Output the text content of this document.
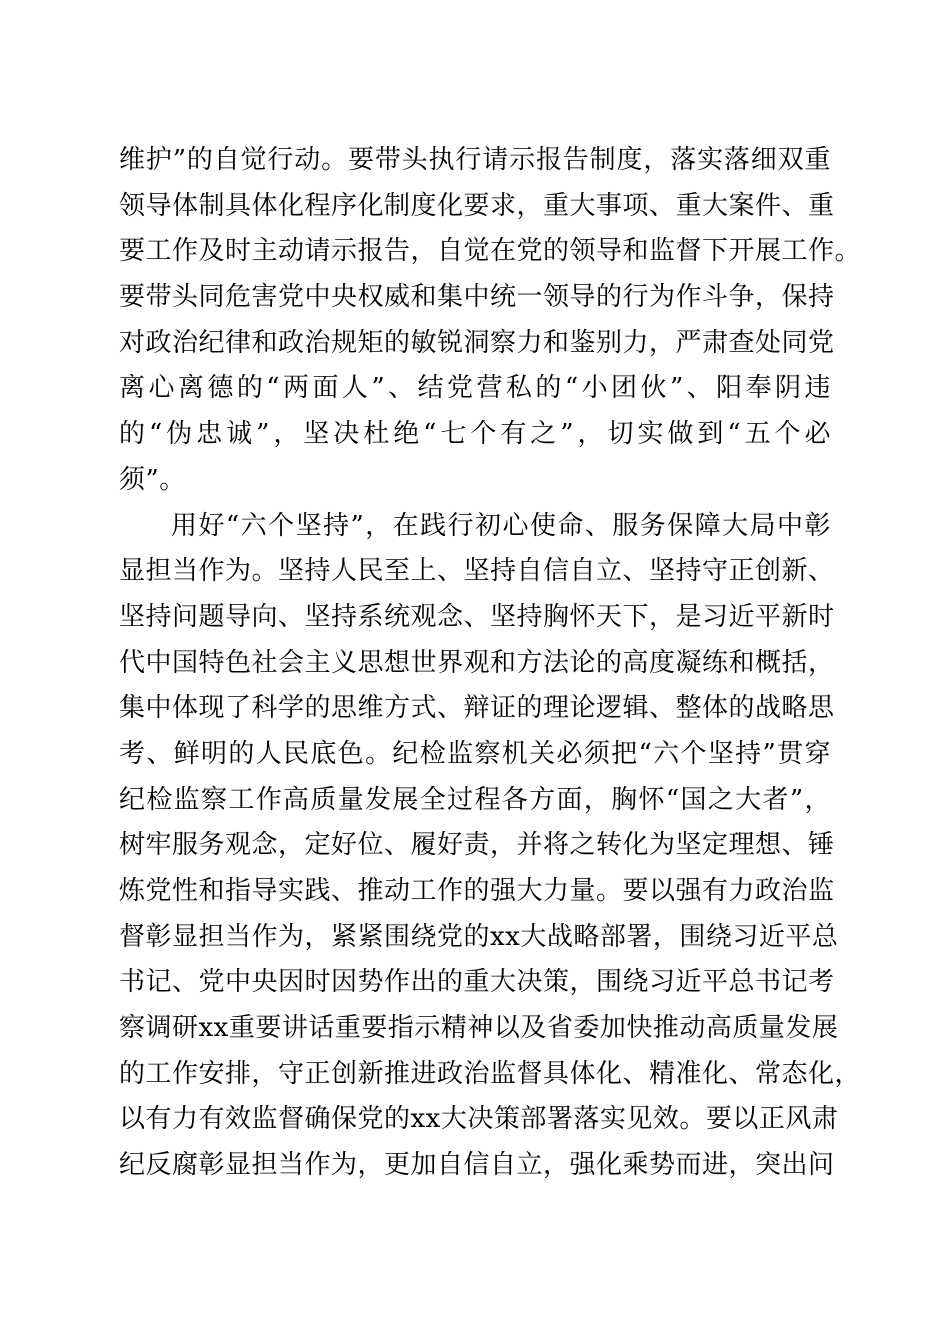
维护”的自觉行动。要带头执行请示报告制度，落实落细双重
领导体制具体化程序化制度化要求，重大事项、重大案件、重
要工作及时主动请示报告，自觉在党的领导和监督下开展工作。
要带头同危害党中央权威和集中统一领导的行为作斗争，保持
对政治纪律和政治规矩的敏锐洞察力和鉴别力，严肃查处同党
离心离德的“两面人”、结党营私的“小团伙”、阳奉阴违
的“伪忠诚”，坚决杜绝“七个有之”，切实做到“五个必
须”。
用好“六个坚持”，在践行初心使命、服务保障大局中彰
显担当作为。坚持人民至上、坚持自信自立、坚持守正创新、
坚持问题导向、坚持系统观念、坚持胸怀天下，是习近平新时
代中国特色社会主义思想世界观和方法论的高度凝练和概括，
集中体现了科学的思维方式、辩证的理论逻辑、整体的战略思
考、鲜明的人民底色。纪检监察机关必须把“六个坚持”贯穿
纪检监察工作高质量发展全过程各方面，胸怀“国之大者”，
树牢服务观念，定好位、履好责，并将之转化为坚定理想、锤
炼党性和指导实践、推动工作的强大力量。要以强有力政治监
督彰显担当作为，紧紧围绕党的xx大战略部署，围绕习近平总
书记、党中央因时因势作出的重大决策，围绕习近平总书记考
察调研xx重要讲话重要指示精神以及省委加快推动高质量发展
的工作安排，守正创新推进政治监督具体化、精准化、常态化，
以有力有效监督确保党的xx大决策部署落实见效。要以正风肃
纪反腐彰显担当作为，更加自信自立，强化乘势而进，突出问
